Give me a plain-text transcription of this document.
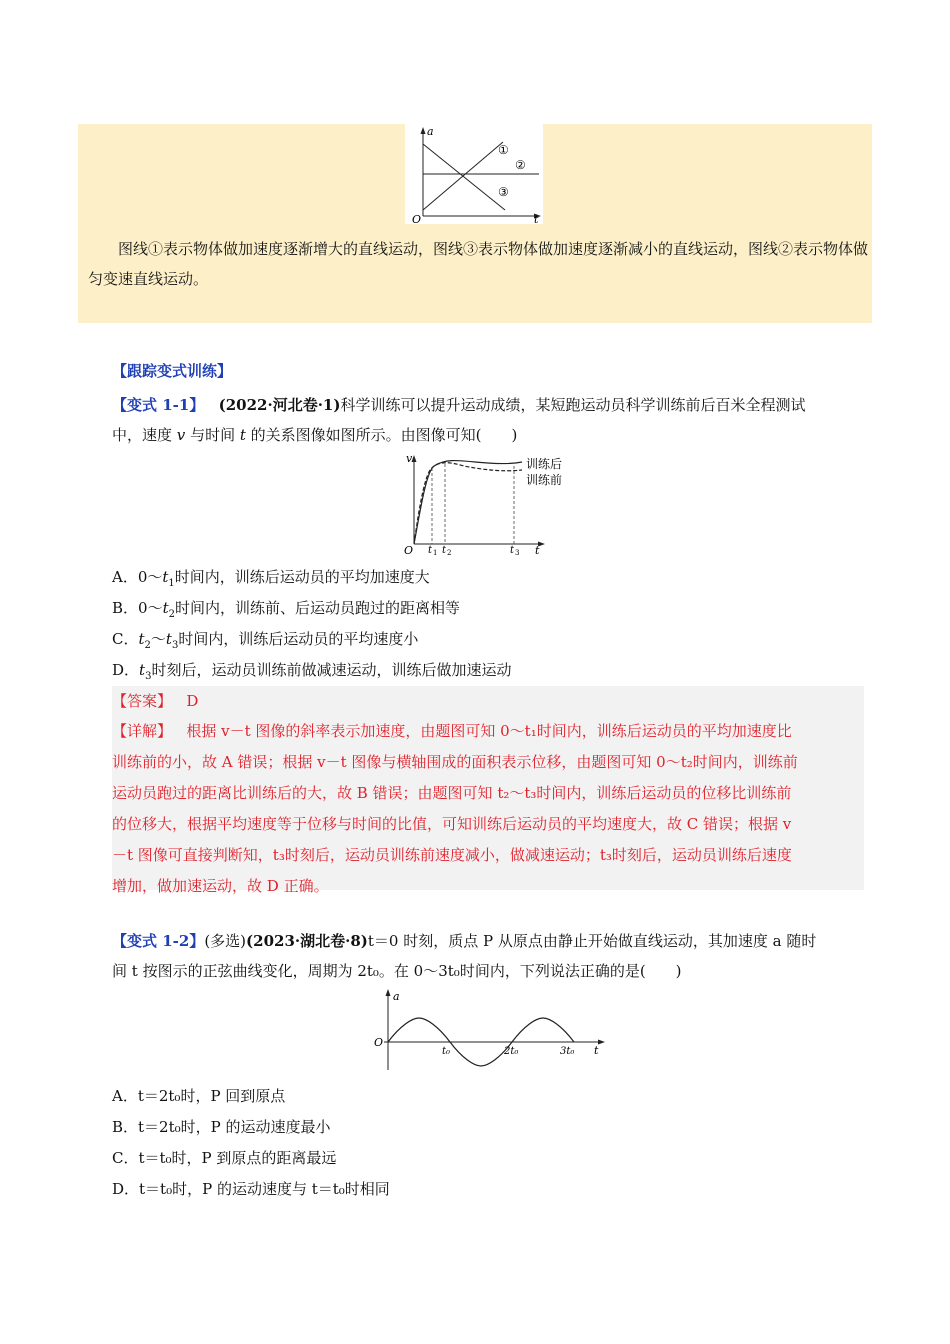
a
t
O
①
②
③
图线①表示物体做加速度逐渐增大的直线运动，图线③表示物体做加速度逐渐减小的直线运动，图线②表示物体做匀变速直线运动。
【跟踪变式训练】
【变式 1-1】 (2022·河北卷·1)科学训练可以提升运动成绩，某短跑运动员科学训练前后百米全程测试
中，速度 v 与时间 t 的关系图像如图所示。由图像可知(　　)
v
t
O
训练后
训练前
t 1 t 2	t 3
A．$0\sim t_1$时间内，训练后运动员的平均加速度大
B．$0\sim t_2$时间内，训练前、后运动员跑过的距离相等
C．$t_2\sim t_3$时间内，训练后运动员的平均速度小
D．$t_3$时刻后，运动员训练前做减速运动，训练后做加速运动
【答案】 D
【详解】 根据 v－t 图像的斜率表示加速度，由题图可知 0～t₁时间内，训练后运动员的平均加速度比
训练前的小，故 A 错误；根据 v－t 图像与横轴围成的面积表示位移，由题图可知 0～t₂时间内，训练前
运动员跑过的距离比训练后的大，故 B 错误；由题图可知 t₂～t₃时间内，训练后运动员的位移比训练前
的位移大，根据平均速度等于位移与时间的比值，可知训练后运动员的平均速度大，故 C 错误；根据 v
－t 图像可直接判断知，t₃时刻后，运动员训练前速度减小，做减速运动；t₃时刻后，运动员训练后速度
增加，做加速运动，故 D 正确。
【变式 1-2】(多选)(2023·湖北卷·8)t＝0 时刻，质点 P 从原点由静止开始做直线运动，其加速度 a 随时
间 t 按图示的正弦曲线变化，周期为 2t₀。在 0～3t₀时间内，下列说法正确的是(　　)
a
t
O
t₀	2t₀	3t₀
A．t＝2t₀时，P 回到原点
B．t＝2t₀时，P 的运动速度最小
C．t＝t₀时，P 到原点的距离最远
D．t＝t₀时，P 的运动速度与 t＝t₀时相同
